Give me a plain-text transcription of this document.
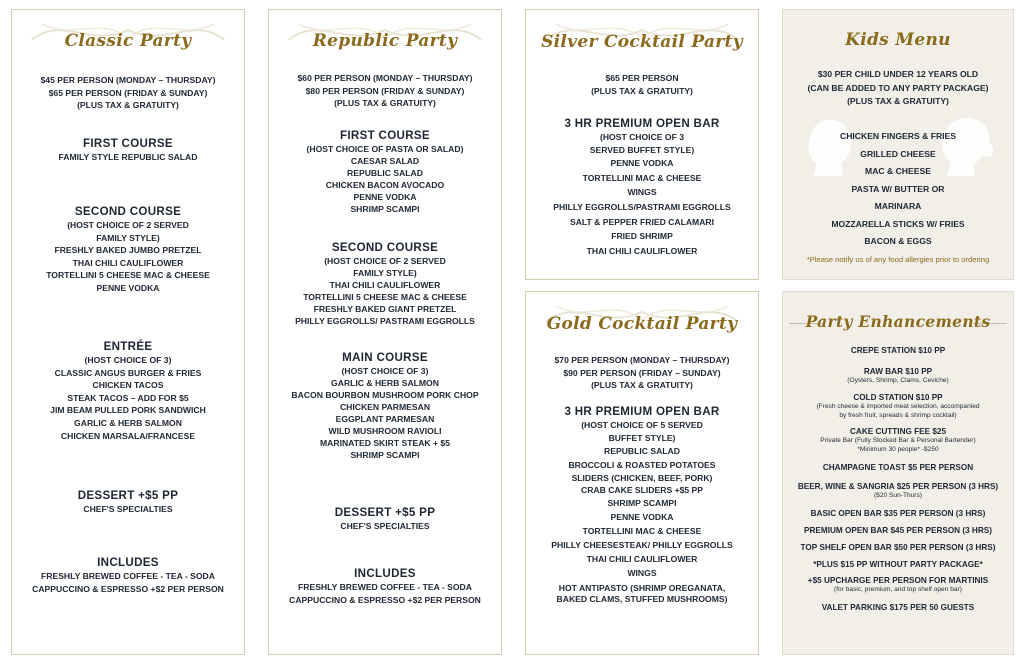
Classic Party
$45 PER PERSON (MONDAY – THURSDAY)
$65 PER PERSON (FRIDAY & SUNDAY)
(PLUS TAX & GRATUITY)
FIRST COURSE
FAMILY STYLE REPUBLIC SALAD
SECOND COURSE
(HOST CHOICE OF 2 SERVED
FAMILY STYLE)
FRESHLY BAKED JUMBO PRETZEL
THAI CHILI CAULIFLOWER
TORTELLINI 5 CHEESE MAC & CHEESE
PENNE VODKA
ENTRÉE
(HOST CHOICE OF 3)
CLASSIC ANGUS BURGER & FRIES
CHICKEN TACOS
STEAK TACOS – ADD FOR $5
JIM BEAM PULLED PORK SANDWICH
GARLIC & HERB SALMON
CHICKEN MARSALA/FRANCESE
DESSERT +$5 PP
CHEF'S SPECIALTIES
INCLUDES
FRESHLY BREWED COFFEE - TEA - SODA
CAPPUCCINO & ESPRESSO +$2 PER PERSON
Republic Party
$60 PER PERSON (MONDAY – THURSDAY)
$80 PER PERSON (FRIDAY & SUNDAY)
(PLUS TAX & GRATUITY)
FIRST COURSE
(HOST CHOICE OF PASTA OR SALAD)
CAESAR SALAD
REPUBLIC SALAD
CHICKEN BACON AVOCADO
PENNE VODKA
SHRIMP SCAMPI
SECOND COURSE
(HOST CHOICE OF 2 SERVED
FAMILY STYLE)
THAI CHILI CAULIFLOWER
TORTELLINI 5 CHEESE MAC & CHEESE
FRESHLY BAKED GIANT PRETZEL
PHILLY EGGROLLS/ PASTRAMI EGGROLLS
MAIN COURSE
(HOST CHOICE OF 3)
GARLIC & HERB SALMON
BACON BOURBON MUSHROOM PORK CHOP
CHICKEN PARMESAN
EGGPLANT PARMESAN
WILD MUSHROOM RAVIOLI
MARINATED SKIRT STEAK + $5
SHRIMP SCAMPI
DESSERT +$5 PP
CHEF'S SPECIALTIES
INCLUDES
FRESHLY BREWED COFFEE - TEA - SODA
CAPPUCCINO & ESPRESSO +$2 PER PERSON
Silver Cocktail Party
$65 PER PERSON
(PLUS TAX & GRATUITY)
3 HR PREMIUM OPEN BAR
(HOST CHOICE OF 3
SERVED BUFFET STYLE)
PENNE VODKA
TORTELLINI MAC & CHEESE
WINGS
PHILLY EGGROLLS/PASTRAMI EGGROLLS
SALT & PEPPER FRIED CALAMARI
FRIED SHRIMP
THAI CHILI CAULIFLOWER
Gold Cocktail Party
$70 PER PERSON (MONDAY – THURSDAY)
$90 PER PERSON (FRIDAY – SUNDAY)
(PLUS TAX & GRATUITY)
3 HR PREMIUM OPEN BAR
(HOST CHOICE OF 5 SERVED
BUFFET STYLE)
REPUBLIC SALAD
BROCCOLI & ROASTED POTATOES
SLIDERS (CHICKEN, BEEF, PORK)
CRAB CAKE SLIDERS +$5 PP
SHRIMP SCAMPI
PENNE VODKA
TORTELLINI MAC & CHEESE
PHILLY CHEESESTEAK/ PHILLY EGGROLLS
THAI CHILI CAULIFLOWER
WINGS
HOT ANTIPASTO (SHRIMP OREGANATA,
BAKED CLAMS, STUFFED MUSHROOMS)
Kids Menu
$30 PER CHILD UNDER 12 YEARS OLD
(CAN BE ADDED TO ANY PARTY PACKAGE)
(PLUS TAX & GRATUITY)
CHICKEN FINGERS & FRIES
GRILLED CHEESE
MAC & CHEESE
PASTA W/ BUTTER OR
MARINARA
MOZZARELLA STICKS W/ FRIES
BACON & EGGS
*Please notify us of any food allergies prior to ordering
Party Enhancements
CREPE STATION $10 PP
RAW BAR $10 PP
(Oysters, Shrimp, Clams, Ceviche)
COLD STATION $10 PP
(Fresh cheese & imported meat selection, accompanied
by fresh fruit, spreads & shrimp cocktail)
CAKE CUTTING FEE $25
Private Bar (Fully Stocked Bar & Personal Bartender)
*Minimum 30 people* -$250
CHAMPAGNE TOAST $5 PER PERSON
BEER, WINE & SANGRIA $25 PER PERSON (3 HRS)
($20 Sun-Thurs)
BASIC OPEN BAR $35 PER PERSON (3 HRS)
PREMIUM OPEN BAR $45 PER PERSON (3 HRS)
TOP SHELF OPEN BAR $50 PER PERSON (3 HRS)
*PLUS $15 PP WITHOUT PARTY PACKAGE*
+$5 UPCHARGE PER PERSON FOR MARTINIS
(for basic, premium, and top shelf open bar)
VALET PARKING $175 PER 50 GUESTS
